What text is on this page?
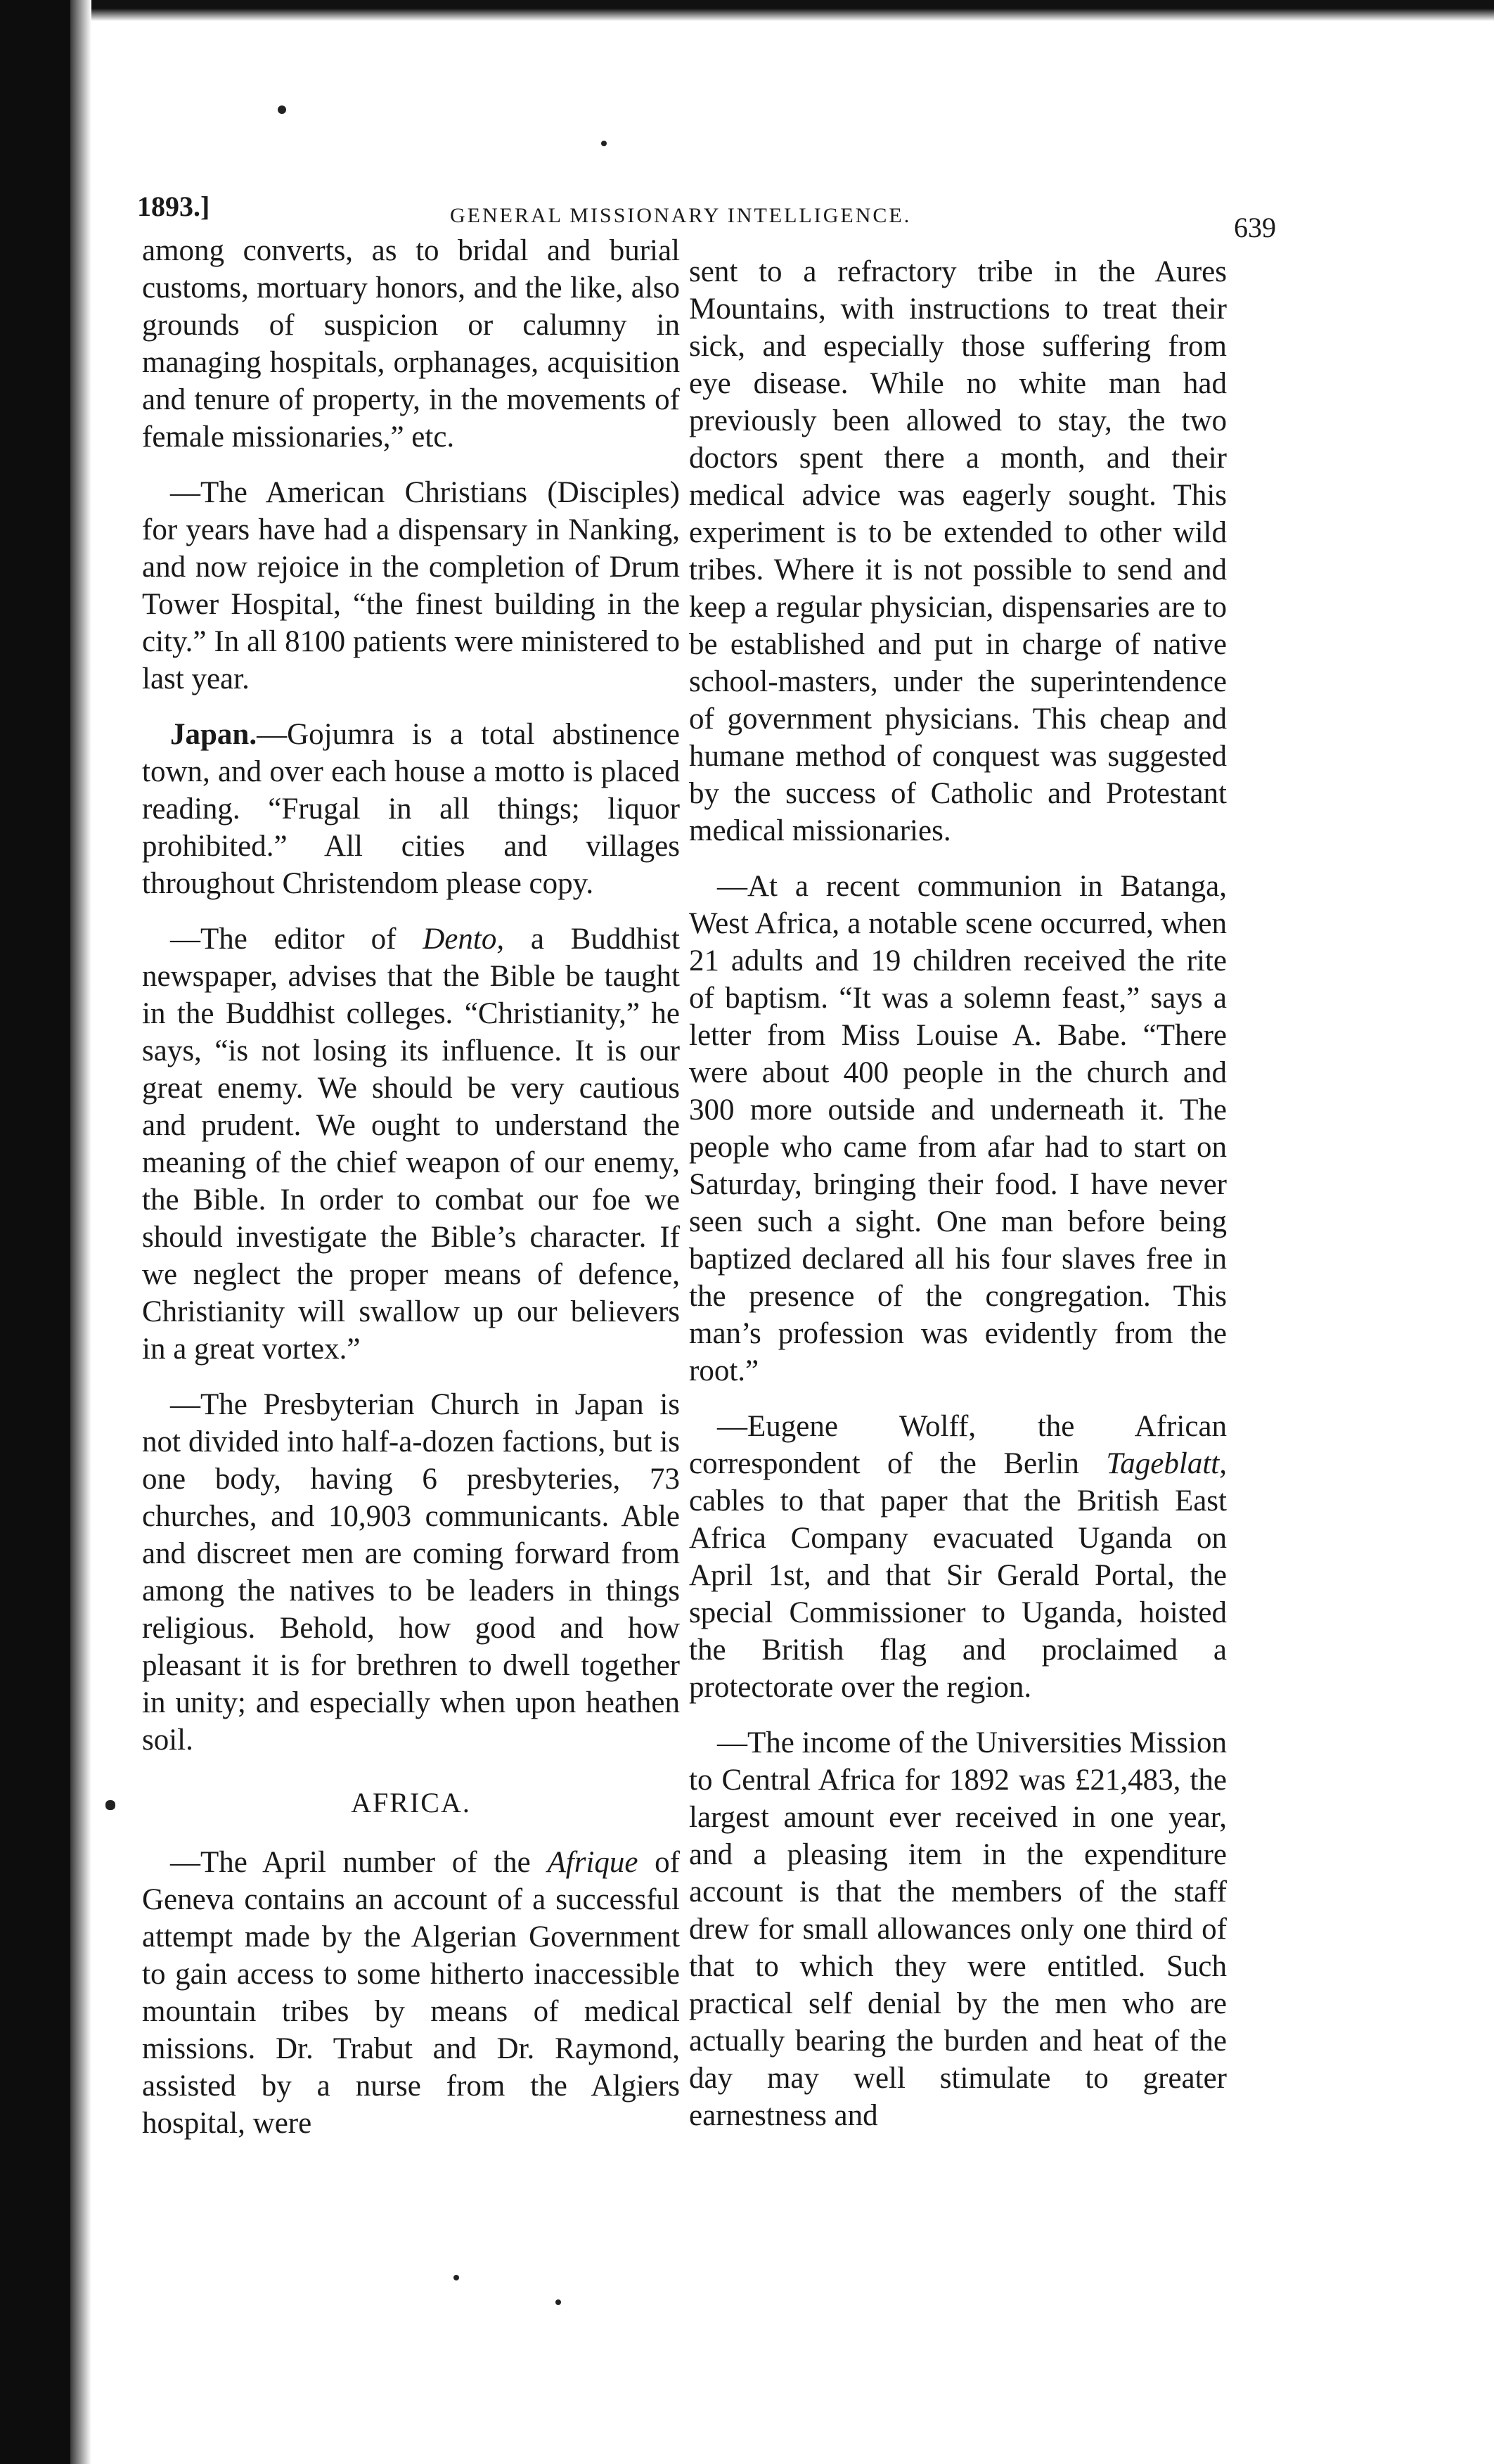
1893.]	GENERAL MISSIONARY INTELLIGENCE.	639

among converts, as to bridal and burial customs, mortuary honors, and the like, also grounds of suspicion or calumny in managing hospitals, orphanages, acquisition and tenure of property, in the movements of female missionaries,” etc.

—The American Christians (Disciples) for years have had a dispensary in Nanking, and now rejoice in the completion of Drum Tower Hospital, “the finest building in the city.” In all 8100 patients were ministered to last year.

Japan.—Gojumra is a total abstinence town, and over each house a motto is placed reading. “Frugal in all things; liquor prohibited.” All cities and villages throughout Christendom please copy.

—The editor of Dento, a Buddhist newspaper, advises that the Bible be taught in the Buddhist colleges. “Christianity,” he says, “is not losing its influence. It is our great enemy. We should be very cautious and prudent. We ought to understand the meaning of the chief weapon of our enemy, the Bible. In order to combat our foe we should investigate the Bible’s character. If we neglect the proper means of defence, Christianity will swallow up our believers in a great vortex.”

—The Presbyterian Church in Japan is not divided into half-a-dozen factions, but is one body, having 6 presbyteries, 73 churches, and 10,903 communicants. Able and discreet men are coming forward from among the natives to be leaders in things religious. Behold, how good and how pleasant it is for brethren to dwell together in unity; and especially when upon heathen soil.

AFRICA.

—The April number of the Afrique of Geneva contains an account of a successful attempt made by the Algerian Government to gain access to some hitherto inaccessible mountain tribes by means of medical missions. Dr. Trabut and Dr. Raymond, assisted by a nurse from the Algiers hospital, were

sent to a refractory tribe in the Aures Mountains, with instructions to treat their sick, and especially those suffering from eye disease. While no white man had previously been allowed to stay, the two doctors spent there a month, and their medical advice was eagerly sought. This experiment is to be extended to other wild tribes. Where it is not possible to send and keep a regular physician, dispensaries are to be established and put in charge of native school-masters, under the superintendence of government physicians. This cheap and humane method of conquest was suggested by the success of Catholic and Protestant medical missionaries.

—At a recent communion in Batanga, West Africa, a notable scene occurred, when 21 adults and 19 children received the rite of baptism. “It was a solemn feast,” says a letter from Miss Louise A. Babe. “There were about 400 people in the church and 300 more outside and underneath it. The people who came from afar had to start on Saturday, bringing their food. I have never seen such a sight. One man before being baptized declared all his four slaves free in the presence of the congregation. This man’s profession was evidently from the root.”

—Eugene Wolff, the African correspondent of the Berlin Tageblatt, cables to that paper that the British East Africa Company evacuated Uganda on April 1st, and that Sir Gerald Portal, the special Commissioner to Uganda, hoisted the British flag and proclaimed a protectorate over the region.

—The income of the Universities Mission to Central Africa for 1892 was £21,483, the largest amount ever received in one year, and a pleasing item in the expenditure account is that the members of the staff drew for small allowances only one third of that to which they were entitled. Such practical self denial by the men who are actually bearing the burden and heat of the day may well stimulate to greater earnestness and
